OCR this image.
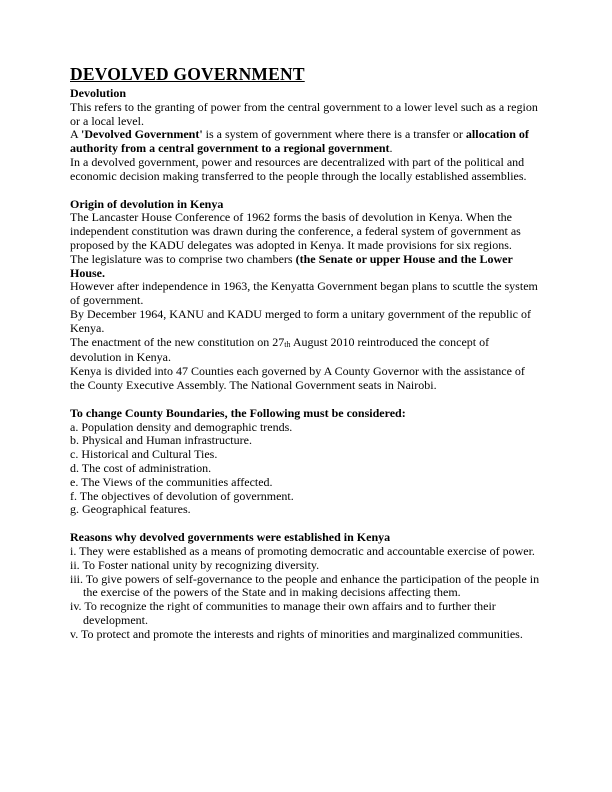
DEVOLVED GOVERNMENT
Devolution

This refers to the granting of power from the central government to a lower level such as a region or a local level.

A 'Devolved Government' is a system of government where there is a transfer or allocation of authority from a central government to a regional government.

In a devolved government, power and resources are decentralized with part of the political and economic decision making transferred to the people through the locally established assemblies.

Origin of devolution in Kenya

The Lancaster House Conference of 1962 forms the basis of devolution in Kenya. When the independent constitution was drawn during the conference, a federal system of government as proposed by the KADU delegates was adopted in Kenya. It made provisions for six regions.

The legislature was to comprise two chambers (the Senate or upper House and the Lower House.

However after independence in 1963, the Kenyatta Government began plans to scuttle the system of government.

By December 1964, KANU and KADU merged to form a unitary government of the republic of Kenya.

The enactment of the new constitution on 27th August 2010 reintroduced the concept of devolution in Kenya.

Kenya is divided into 47 Counties each governed by A County Governor with the assistance of the County Executive Assembly. The National Government seats in Nairobi.

To change County Boundaries, the Following must be considered:

a. Population density and demographic trends.

b. Physical and Human infrastructure.

c. Historical and Cultural Ties.

d. The cost of administration.

e. The Views of the communities affected.

f. The objectives of devolution of government.

g. Geographical features.

Reasons why devolved governments were established in Kenya

i. They were established as a means of promoting democratic and accountable exercise of power.

ii. To Foster national unity by recognizing diversity.

iii. To give powers of self-governance to the people and enhance the participation of the people in the exercise of the powers of the State and in making decisions affecting them.

iv. To recognize the right of communities to manage their own affairs and to further their development.

v. To protect and promote the interests and rights of minorities and marginalized communities.
